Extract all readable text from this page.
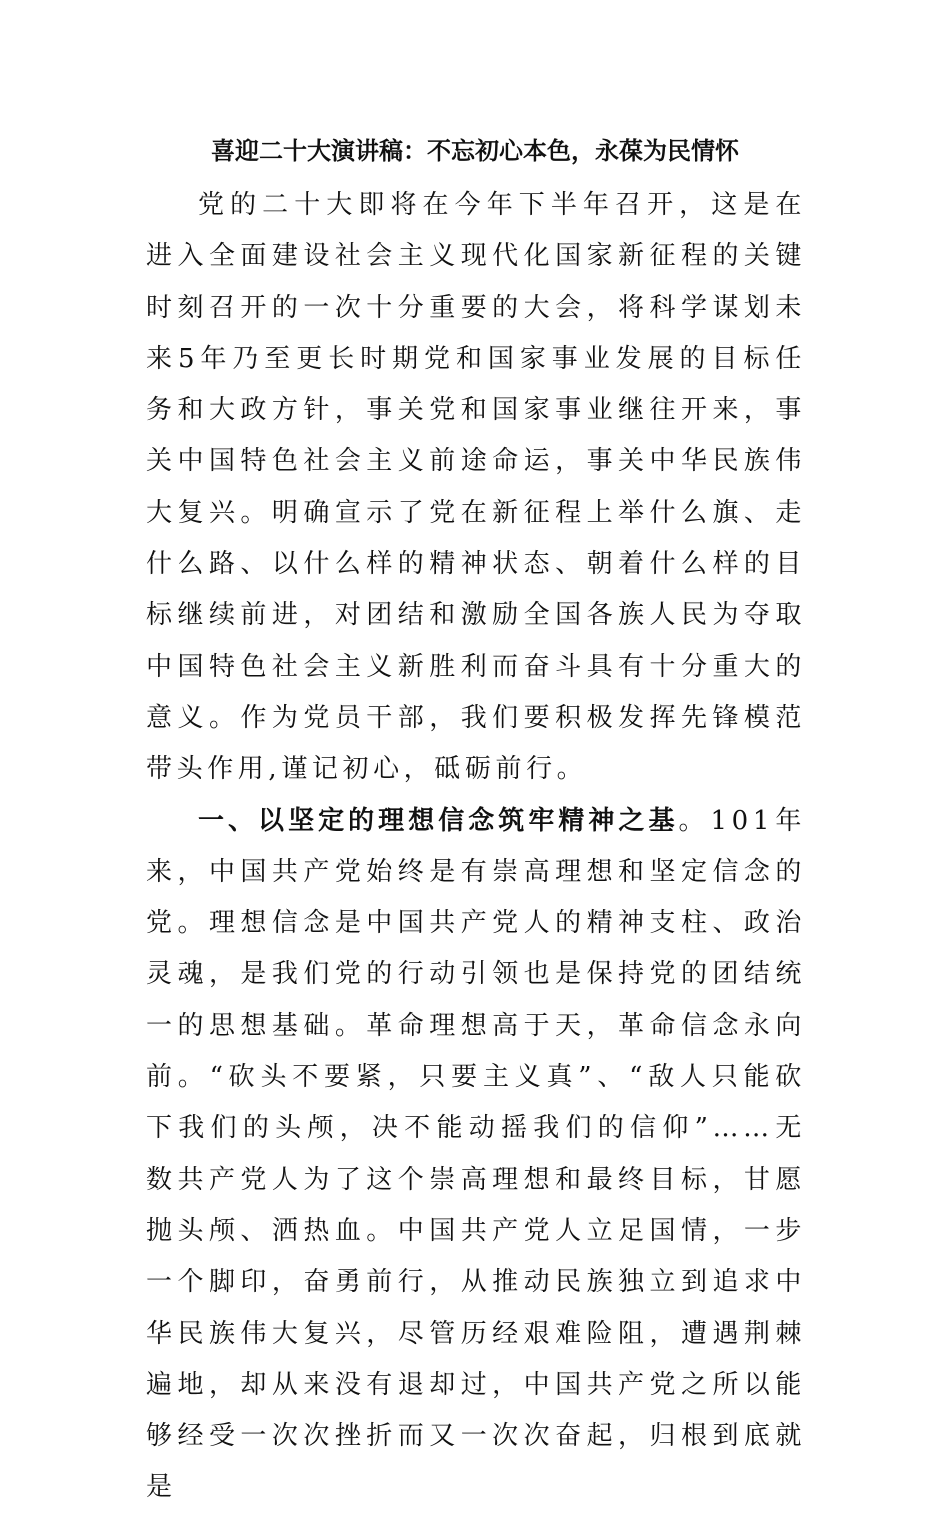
喜迎二十大演讲稿：不忘初心本色，永葆为民情怀

党的二十大即将在今年下半年召开，这是在进入全面建设社会主义现代化国家新征程的关键时刻召开的一次十分重要的大会，将科学谋划未来5年乃至更长时期党和国家事业发展的目标任务和大政方针，事关党和国家事业继往开来，事关中国特色社会主义前途命运，事关中华民族伟大复兴。明确宣示了党在新征程上举什么旗、走什么路、以什么样的精神状态、朝着什么样的目标继续前进，对团结和激励全国各族人民为夺取中国特色社会主义新胜利而奋斗具有十分重大的意义。作为党员干部，我们要积极发挥先锋模范带头作用,谨记初心，砥砺前行。

一、以坚定的理想信念筑牢精神之基。101年来，中国共产党始终是有崇高理想和坚定信念的党。理想信念是中国共产党人的精神支柱、政治灵魂，是我们党的行动引领也是保持党的团结统一的思想基础。革命理想高于天，革命信念永向前。“砍头不要紧，只要主义真”、“敌人只能砍下我们的头颅，决不能动摇我们的信仰”……无数共产党人为了这个崇高理想和最终目标，甘愿抛头颅、洒热血。中国共产党人立足国情，一步一个脚印，奋勇前行，从推动民族独立到追求中华民族伟大复兴，尽管历经艰难险阻，遭遇荆棘遍地，却从来没有退却过，中国共产党之所以能够经受一次次挫折而又一次次奋起，归根到底就是
